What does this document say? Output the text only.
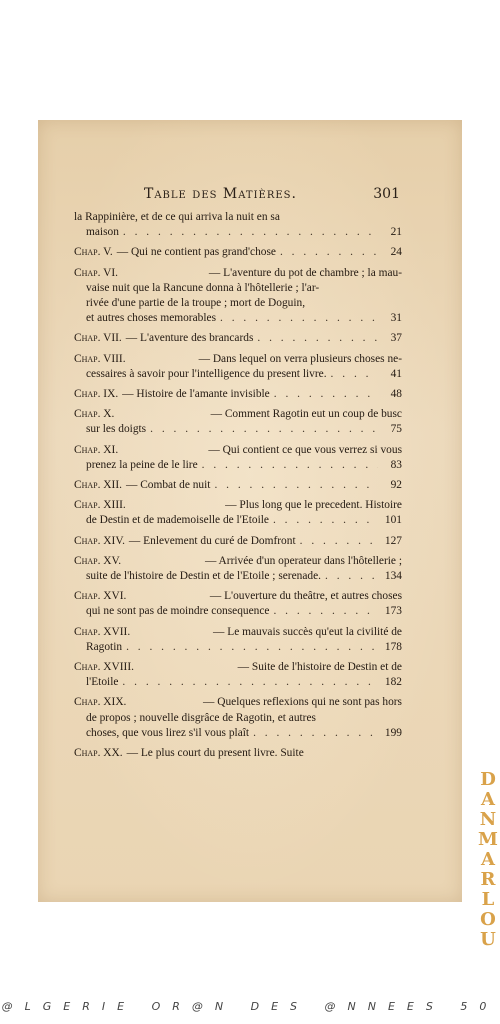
Table des Matières.	301
la Rappinière, et de ce qui arriva la nuit en sa
maison . . .	21
Chap. V. — Qui ne contient pas grand'chose . . .	24
Chap. VI.	— L'aventure du pot de chambre ; la mau-
vaise nuit que la Rancune donna à l'hôtellerie ; l'ar-
rivée d'une partie de la troupe ; mort de Doguin,
et autres choses memorables . . .	31
Chap. VII. — L'aventure des brancards . . .	37
Chap. VIII.	— Dans lequel on verra plusieurs choses ne-
cessaires à savoir pour l'intelligence du present livre. . . .	41
Chap. IX. — Histoire de l'amante invisible . . .	48
Chap. X.	— Comment Ragotin eut un coup de busc
sur les doigts . . .	75
Chap. XI.	— Qui contient ce que vous verrez si vous
prenez la peine de le lire . . .	83
Chap. XII. — Combat de nuit . . .	92
Chap. XIII.	— Plus long que le precedent. Histoire
de Destin et de mademoiselle de l'Etoile . . .	101
Chap. XIV. — Enlevement du curé de Domfront . . .	127
Chap. XV.	— Arrivée d'un operateur dans l'hôtellerie ;
suite de l'histoire de Destin et de l'Etoile ; serenade. . . .	134
Chap. XVI.	— L'ouverture du theâtre, et autres choses
qui ne sont pas de moindre consequence . . .	173
Chap. XVII.	— Le mauvais succès qu'eut la civilité de
Ragotin . . .	178
Chap. XVIII.	— Suite de l'histoire de Destin et de
l'Etoile . . .	182
Chap. XIX.	— Quelques reflexions qui ne sont pas hors
de propos ; nouvelle disgrâce de Ragotin, et autres
choses, que vous lirez s'il vous plaît . . .	199
Chap. XX. — Le plus court du present livre. Suite
D
A
N
M
A
R
L
O
U
@LGERIE OR@N DES @NNEES 50
